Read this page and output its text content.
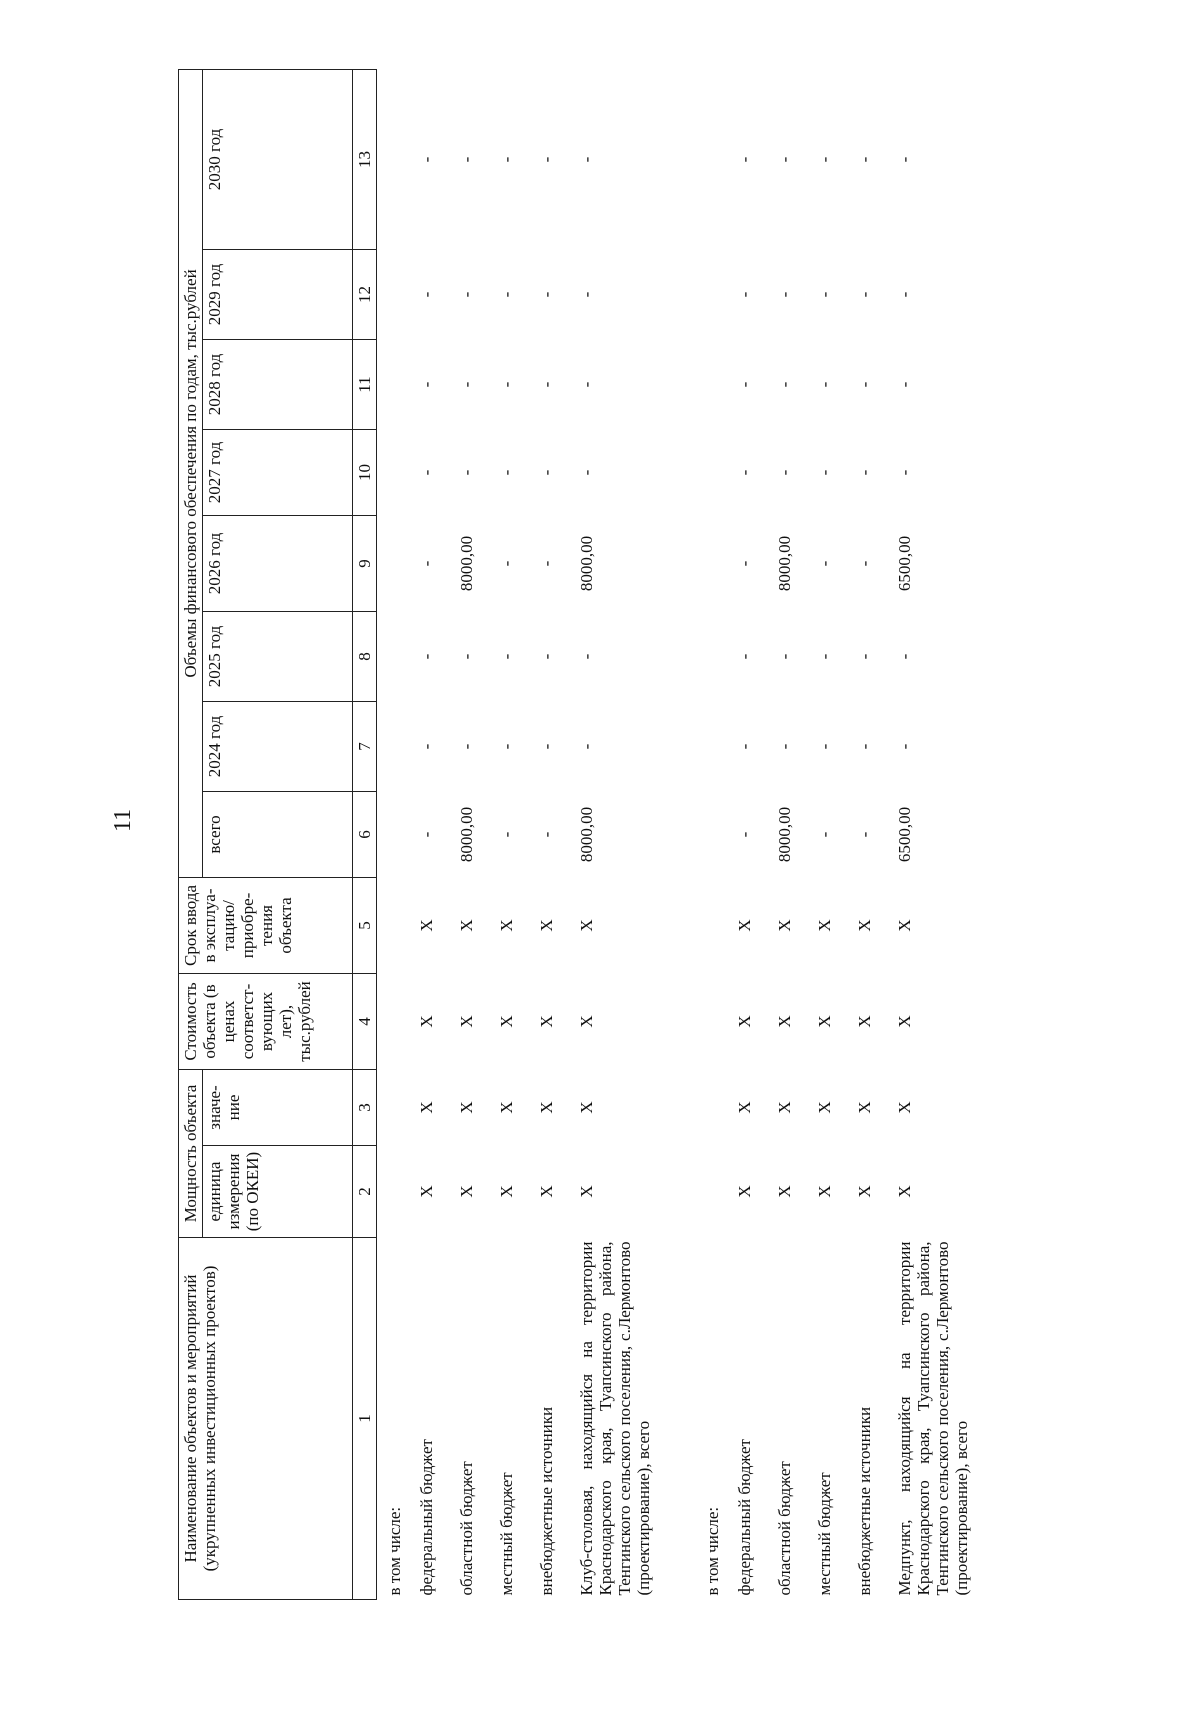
11
Наименование объектов и мероприятий (укрупненных инвестиционных проектов)	Мощность объекта		Стоимость объекта (в ценах соответст-вующих лет), тыс.рублей	Срок ввода в эксплуа-тацию/ приобре-тения объекта	Объемы финансового обеспечения по годам, тыс.рублей							
	единица измерения (по ОКЕИ)	значе-ние			всего	2024 год	2025 год	2026 год	2027 год	2028 год	2029 год	2030 год
1	2	3	4	5	6	7	8	9	10	11	12	13
в том числе:												
федеральный бюджет	X	X	X	X	-	-	-	-	-	-	-	-
областной бюджет	X	X	X	X	8000,00	-	-	8000,00	-	-	-	-
местный бюджет	X	X	X	X	-	-	-	-	-	-	-	-
внебюджетные источники	X	X	X	X	-	-	-	-	-	-	-	-
Клуб-столовая, находящийся на территории Краснодарского края, Туапсинского района, Тенгинского сельского поселения, с.Лермонтово (проектирование), всего	X	X	X	X	8000,00	-	-	8000,00	-	-	-	-
в том числе:												
федеральный бюджет	X	X	X	X	-	-	-	-	-	-	-	-
областной бюджет	X	X	X	X	8000,00	-	-	8000,00	-	-	-	-
местный бюджет	X	X	X	X	-	-	-	-	-	-	-	-
внебюджетные источники	X	X	X	X	-	-	-	-	-	-	-	-
Медпункт, находящийся на территории Краснодарского края, Туапсинского района, Тенгинского сельского поселения, с.Лермонтово (проектирование), всего	X	X	X	X	6500,00	-	-	6500,00	-	-	-	-
